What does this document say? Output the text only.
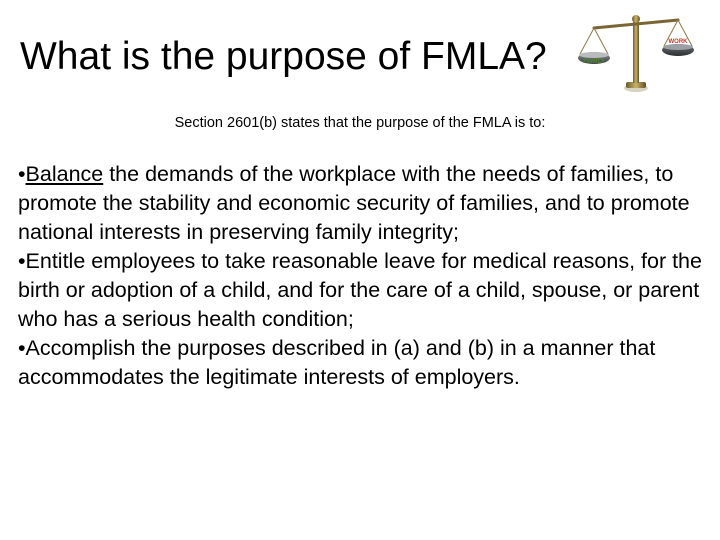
What is the purpose of FMLA?	FAMILY
WORK
Section 2601(b) states that the purpose of the FMLA is to:

•Balance the demands of the workplace with the needs of families, to promote the stability and economic security of families, and to promote national interests in preserving family integrity;

•Entitle employees to take reasonable leave for medical reasons, for the birth or adoption of a child, and for the care of a child, spouse, or parent who has a serious health condition;

•Accomplish the purposes described in (a) and (b) in a manner that accommodates the legitimate interests of employers.
